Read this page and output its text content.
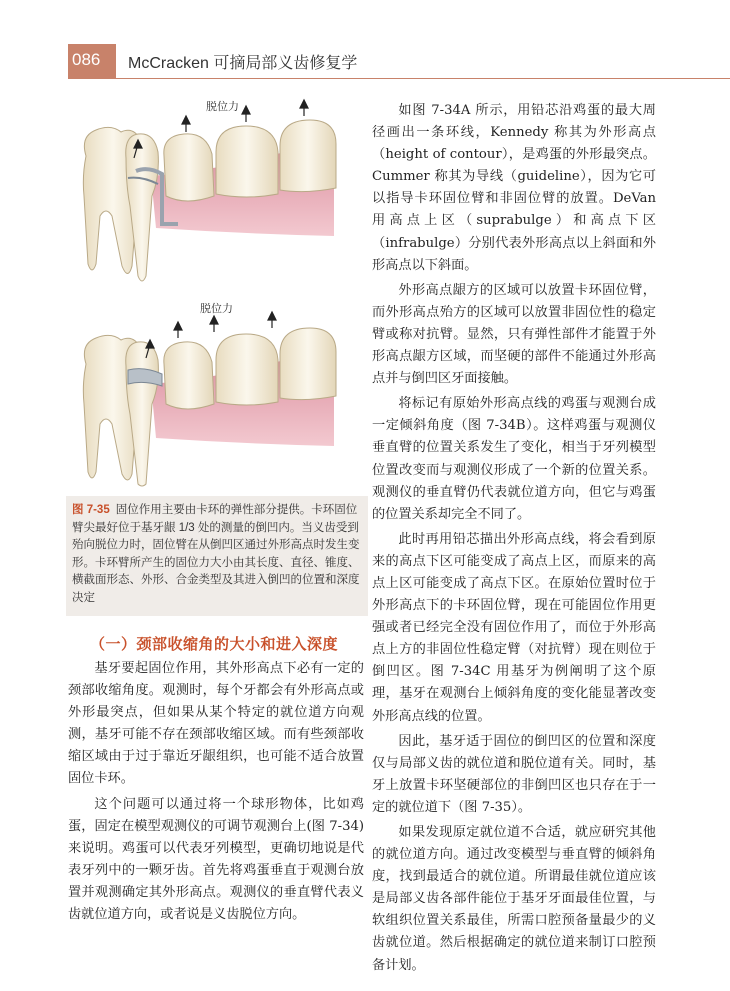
086 McCracken 可摘局部义齿修复学
脱位力
脱位力
图 7-35 固位作用主要由卡环的弹性部分提供。卡环固位臂尖最好位于基牙龈 1/3 处的测量的倒凹内。当义齿受到殆向脱位力时，固位臂在从倒凹区通过外形高点时发生变形。卡环臂所产生的固位力大小由其长度、直径、锥度、横截面形态、外形、合金类型及其进入倒凹的位置和深度决定
（一）颈部收缩角的大小和进入深度

基牙要起固位作用，其外形高点下必有一定的颈部收缩角度。观测时，每个牙都会有外形高点或外形最突点，但如果从某个特定的就位道方向观测，基牙可能不存在颈部收缩区域。而有些颈部收缩区域由于过于靠近牙龈组织，也可能不适合放置固位卡环。

这个问题可以通过将一个球形物体，比如鸡蛋，固定在模型观测仪的可调节观测台上(图 7-34)来说明。鸡蛋可以代表牙列模型，更确切地说是代表牙列中的一颗牙齿。首先将鸡蛋垂直于观测台放置并观测确定其外形高点。观测仪的垂直臂代表义齿就位道方向，或者说是义齿脱位方向。

如图 7-34A 所示，用铅芯沿鸡蛋的最大周径画出一条环线，Kennedy 称其为外形高点（height of contour），是鸡蛋的外形最突点。Cummer 称其为导线（guideline），因为它可以指导卡环固位臂和非固位臂的放置。DeVan 用高点上区（suprabulge）和高点下区（infrabulge）分别代表外形高点以上斜面和外形高点以下斜面。

外形高点龈方的区域可以放置卡环固位臂，而外形高点殆方的区域可以放置非固位性的稳定臂或称对抗臂。显然，只有弹性部件才能置于外形高点龈方区域，而坚硬的部件不能通过外形高点并与倒凹区牙面接触。

将标记有原始外形高点线的鸡蛋与观测台成一定倾斜角度（图 7-34B）。这样鸡蛋与观测仪垂直臂的位置关系发生了变化，相当于牙列模型位置改变而与观测仪形成了一个新的位置关系。观测仪的垂直臂仍代表就位道方向，但它与鸡蛋的位置关系却完全不同了。

此时再用铅芯描出外形高点线，将会看到原来的高点下区可能变成了高点上区，而原来的高点上区可能变成了高点下区。在原始位置时位于外形高点下的卡环固位臂，现在可能固位作用更强或者已经完全没有固位作用了，而位于外形高点上方的非固位性稳定臂（对抗臂）现在则位于倒凹区。图 7-34C 用基牙为例阐明了这个原理，基牙在观测台上倾斜角度的变化能显著改变外形高点线的位置。

因此，基牙适于固位的倒凹区的位置和深度仅与局部义齿的就位道和脱位道有关。同时，基牙上放置卡环坚硬部位的非倒凹区也只存在于一定的就位道下（图 7-35）。

如果发现原定就位道不合适，就应研究其他的就位道方向。通过改变模型与垂直臂的倾斜角度，找到最适合的就位道。所谓最佳就位道应该是局部义齿各部件能位于基牙牙面最佳位置，与软组织位置关系最佳，所需口腔预备量最少的义齿就位道。然后根据确定的就位道来制订口腔预备计划。
